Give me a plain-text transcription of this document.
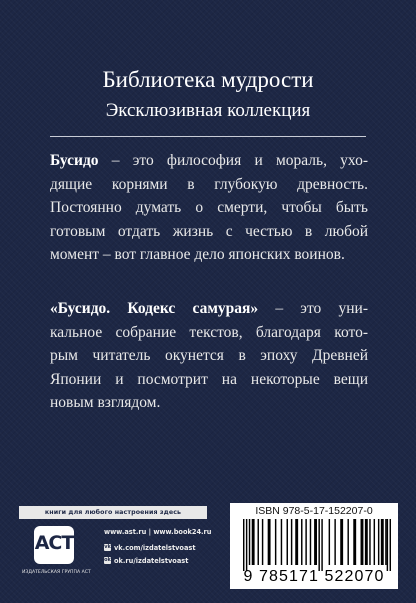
Библиотека мудрости
Эксклюзивная коллекция

Бусидо – это философия и мораль, ухо-
дящие корнями в глубокую древность.
Постоянно думать о смерти, чтобы быть
готовым отдать жизнь с честью в любой
момент – вот главное дело японских воинов.

«Бусидо. Кодекс самурая» – это уни-
кальное собрание текстов, благодаря кото-
рым читатель окунется в эпоху Древней
Японии и посмотрит на некоторые вещи
новым взглядом.

книги для любого настроения здесь
АСТ
ИЗДАТЕЛЬСКАЯ ГРУППА АСТ
www.ast.ru | www.book24.ru
vk vk.com/izdatelstvoast
ok ok.ru/izdatelstvoast
ISBN 978-5-17-152207-0
9 785171 522070
